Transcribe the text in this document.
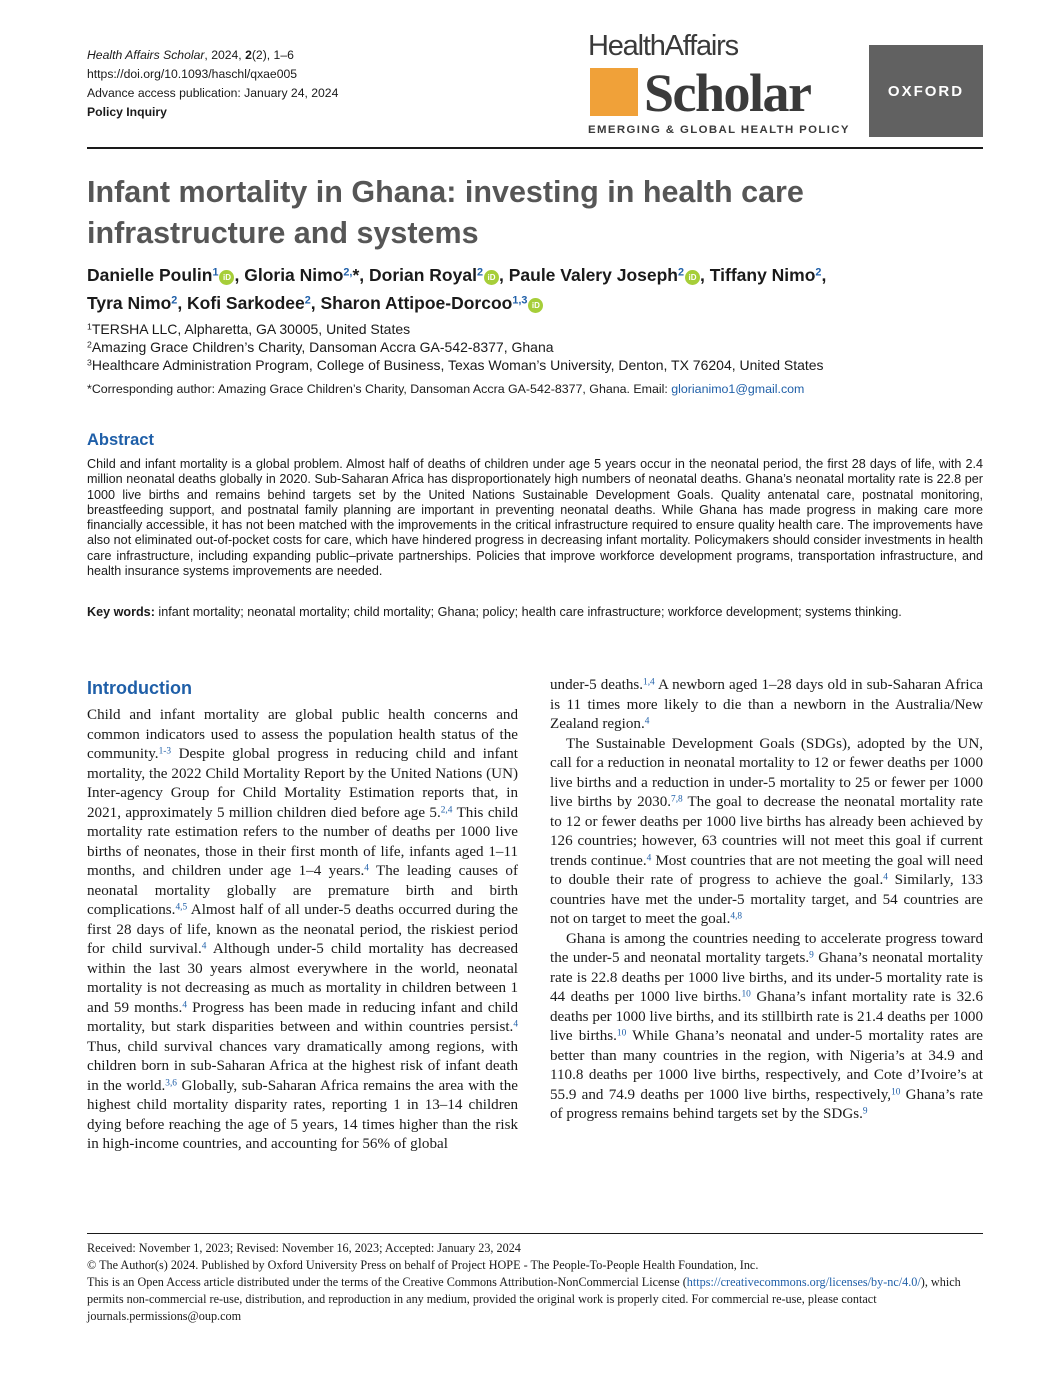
Health Affairs Scholar, 2024, 2(2), 1–6
https://doi.org/10.1093/haschl/qxae005
Advance access publication: January 24, 2024
Policy Inquiry
HealthAffairs
Scholar
EMERGING & GLOBAL HEALTH POLICY
OXFORD
Infant mortality in Ghana: investing in health care infrastructure and systems
Danielle Poulin$^1$ iD , Gloria Nimo$^{2,}$*, Dorian Royal$^2$ iD , Paule Valery Joseph$^2$ iD , Tiffany Nimo$^2$,
Tyra Nimo$^2$, Kofi Sarkodee$^2$, Sharon Attipoe-Dorcoo$^{1,3}$ iD
$^1$TERSHA LLC, Alpharetta, GA 30005, United States
$^2$Amazing Grace Children’s Charity, Dansoman Accra GA-542-8377, Ghana
$^3$Healthcare Administration Program, College of Business, Texas Woman’s University, Denton, TX 76204, United States
*Corresponding author: Amazing Grace Children’s Charity, Dansoman Accra GA-542-8377, Ghana. Email: glorianimo1@gmail.com
Abstract

Child and infant mortality is a global problem. Almost half of deaths of children under age 5 years occur in the neonatal period, the first 28 days of life, with 2.4 million neonatal deaths globally in 2020. Sub-Saharan Africa has disproportionately high numbers of neonatal deaths. Ghana’s neonatal mortality rate is 22.8 per 1000 live births and remains behind targets set by the United Nations Sustainable Development Goals. Quality antenatal care, postnatal monitoring, breastfeeding support, and postnatal family planning are important in preventing neonatal deaths. While Ghana has made progress in making care more financially accessible, it has not been matched with the improvements in the critical infrastructure required to ensure quality health care. The improvements have also not eliminated out-of-pocket costs for care, which have hindered progress in decreasing infant mortality. Policymakers should consider investments in health care infrastructure, including expanding public–private partnerships. Policies that improve workforce development programs, transportation infrastructure, and health insurance systems improvements are needed.

Key words: infant mortality; neonatal mortality; child mortality; Ghana; policy; health care infrastructure; workforce development; systems thinking.

Introduction

Child and infant mortality are global public health concerns and common indicators used to assess the population health status of the community.$^{1-3}$ Despite global progress in reducing child and infant mortality, the 2022 Child Mortality Report by the United Nations (UN) Inter-agency Group for Child Mortality Estimation reports that, in 2021, approximately 5 million children died before age 5.$^{2,4}$ This child mortality rate estimation refers to the number of deaths per 1000 live births of neonates, those in their first month of life, infants aged 1–11 months, and children under age 1–4 years.$^4$ The leading causes of neonatal mortality globally are premature birth and birth complications.$^{4,5}$ Almost half of all under-5 deaths occurred during the first 28 days of life, known as the neonatal period, the riskiest period for child survival.$^4$ Although under-5 child mortality has decreased within the last 30 years almost everywhere in the world, neonatal mortality is not decreasing as much as mortality in children between 1 and 59 months.$^4$ Progress has been made in reducing infant and child mortality, but stark disparities between and within countries persist.$^4$ Thus, child survival chances vary dramatically among regions, with children born in sub-Saharan Africa at the highest risk of infant death in the world.$^{3,6}$ Globally, sub-Saharan Africa remains the area with the highest child mortality disparity rates, reporting 1 in 13–14 children dying before reaching the age of 5 years, 14 times higher than the risk in high-income countries, and accounting for 56% of global

under-5 deaths.$^{1,4}$ A newborn aged 1–28 days old in sub-Saharan Africa is 11 times more likely to die than a newborn in the Australia/New Zealand region.$^4$

The Sustainable Development Goals (SDGs), adopted by the UN, call for a reduction in neonatal mortality to 12 or fewer deaths per 1000 live births and a reduction in under-5 mortality to 25 or fewer per 1000 live births by 2030.$^{7,8}$ The goal to decrease the neonatal mortality rate to 12 or fewer deaths per 1000 live births has already been achieved by 126 countries; however, 63 countries will not meet this goal if current trends continue.$^4$ Most countries that are not meeting the goal will need to double their rate of progress to achieve the goal.$^4$ Similarly, 133 countries have met the under-5 mortality target, and 54 countries are not on target to meet the goal.$^{4,8}$

Ghana is among the countries needing to accelerate progress toward the under-5 and neonatal mortality targets.$^9$ Ghana’s neonatal mortality rate is 22.8 deaths per 1000 live births, and its under-5 mortality rate is 44 deaths per 1000 live births.$^{10}$ Ghana’s infant mortality rate is 32.6 deaths per 1000 live births, and its stillbirth rate is 21.4 deaths per 1000 live births.$^{10}$ While Ghana’s neonatal and under-5 mortality rates are better than many countries in the region, with Nigeria’s at 34.9 and 110.8 deaths per 1000 live births, respectively, and Cote d’Ivoire’s at 55.9 and 74.9 deaths per 1000 live births, respectively,$^{10}$ Ghana’s rate of progress remains behind targets set by the SDGs.$^9$

Received: November 1, 2023; Revised: November 16, 2023; Accepted: January 23, 2024

© The Author(s) 2024. Published by Oxford University Press on behalf of Project HOPE - The People-To-People Health Foundation, Inc.

This is an Open Access article distributed under the terms of the Creative Commons Attribution-NonCommercial License (https://creativecommons.org/licenses/by-nc/4.0/), which permits non-commercial re-use, distribution, and reproduction in any medium, provided the original work is properly cited. For commercial re-use, please contact journals.permissions@oup.com
